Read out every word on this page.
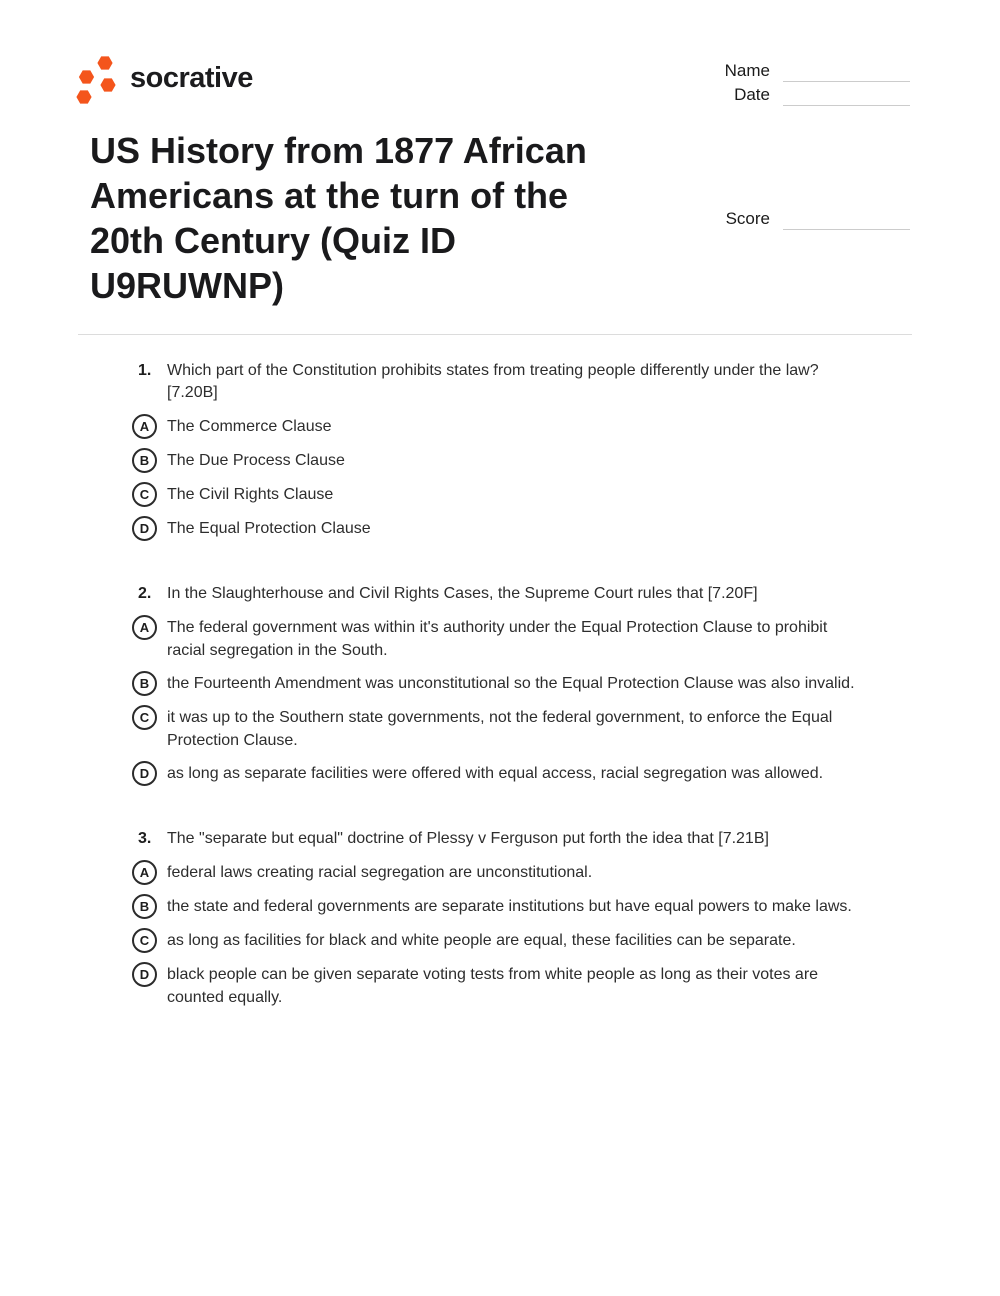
socrative	Name
Date
Score
US History from 1877 African Americans at the turn of the 20th Century (Quiz ID U9RUWNP)
1. Which part of the Constitution prohibits states from treating people differently under the law? [7.20B]
A	The Commerce Clause
B	The Due Process Clause
C	The Civil Rights Clause
D	The Equal Protection Clause
2. In the Slaughterhouse and Civil Rights Cases, the Supreme Court rules that [7.20F]
A	The federal government was within it's authority under the Equal Protection Clause to prohibit racial segregation in the South.
B	the Fourteenth Amendment was unconstitutional so the Equal Protection Clause was also invalid.
C	it was up to the Southern state governments, not the federal government, to enforce the Equal Protection Clause.
D	as long as separate facilities were offered with equal access, racial segregation was allowed.
3. The "separate but equal" doctrine of Plessy v Ferguson put forth the idea that [7.21B]
A	federal laws creating racial segregation are unconstitutional.
B	the state and federal governments are separate institutions but have equal powers to make laws.
C	as long as facilities for black and white people are equal, these facilities can be separate.
D	black people can be given separate voting tests from white people as long as their votes are counted equally.
